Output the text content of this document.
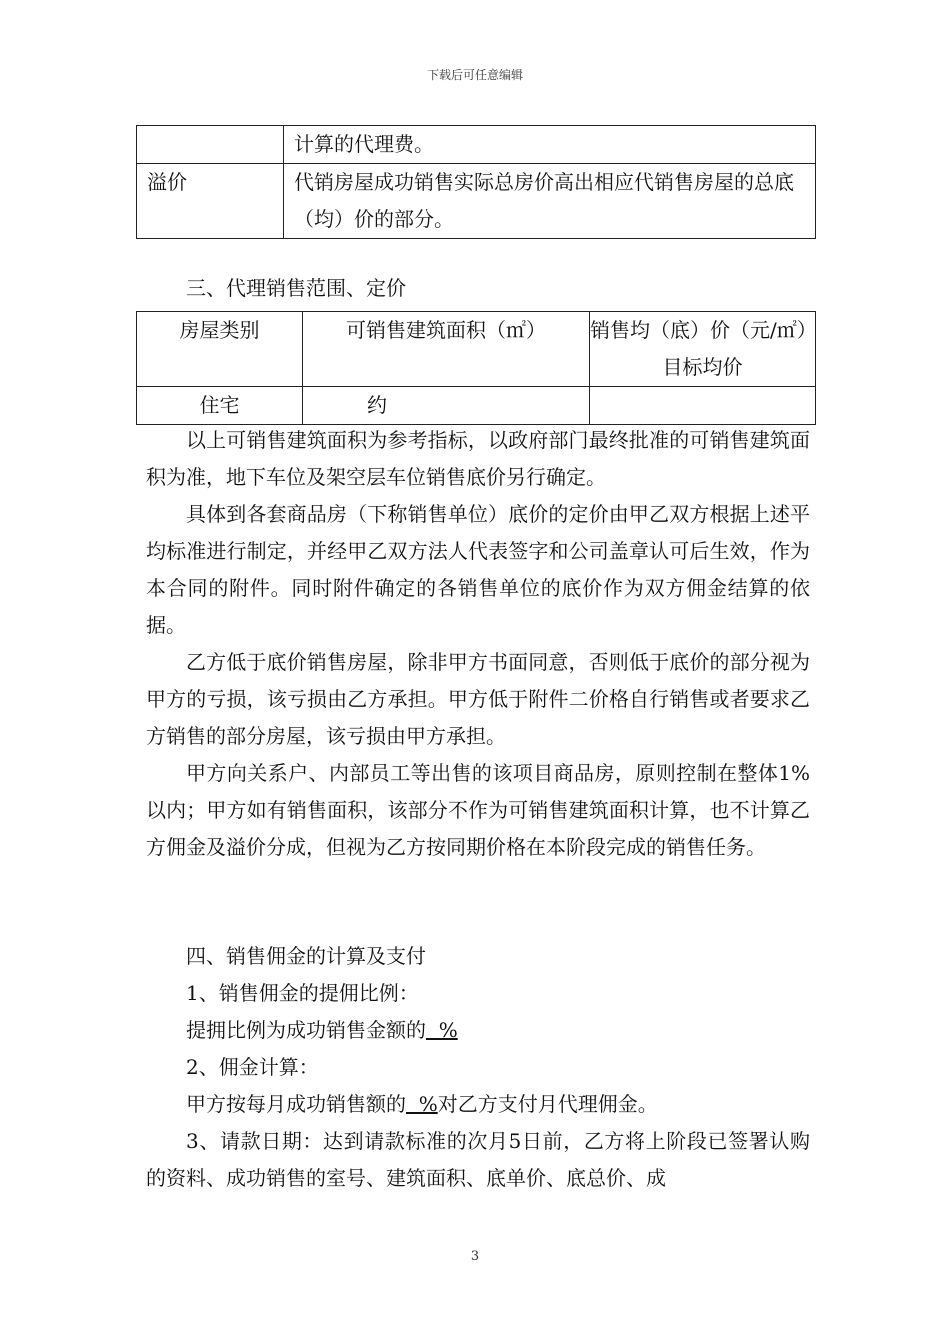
下载后可任意编辑
	计算的代理费。
溢价	代销房屋成功销售实际总房价高出相应代销售房屋的总底（均）价的部分。
三、代理销售范围、定价
房屋类别	可销售建筑面积（㎡）	销售均（底）价（元/㎡）
目标均价

住宅	约	
以上可销售建筑面积为参考指标，以政府部门最终批准的可销售建筑面积为准，地下车位及架空层车位销售底价另行确定。
具体到各套商品房（下称销售单位）底价的定价由甲乙双方根据上述平均标准进行制定，并经甲乙双方法人代表签字和公司盖章认可后生效，作为本合同的附件。同时附件确定的各销售单位的底价作为双方佣金结算的依据。
乙方低于底价销售房屋，除非甲方书面同意，否则低于底价的部分视为甲方的亏损，该亏损由乙方承担。甲方低于附件二价格自行销售或者要求乙方销售的部分房屋，该亏损由甲方承担。
甲方向关系户、内部员工等出售的该项目商品房，原则控制在整体1%以内；甲方如有销售面积，该部分不作为可销售建筑面积计算，也不计算乙方佣金及溢价分成，但视为乙方按同期价格在本阶段完成的销售任务。
四、销售佣金的计算及支付
1、销售佣金的提佣比例：
提拥比例为成功销售金额的  %
2、佣金计算：
甲方按每月成功销售额的  %对乙方支付月代理佣金。
3、请款日期：达到请款标准的次月5日前，乙方将上阶段已签署认购的资料、成功销售的室号、建筑面积、底单价、底总价、成
3
